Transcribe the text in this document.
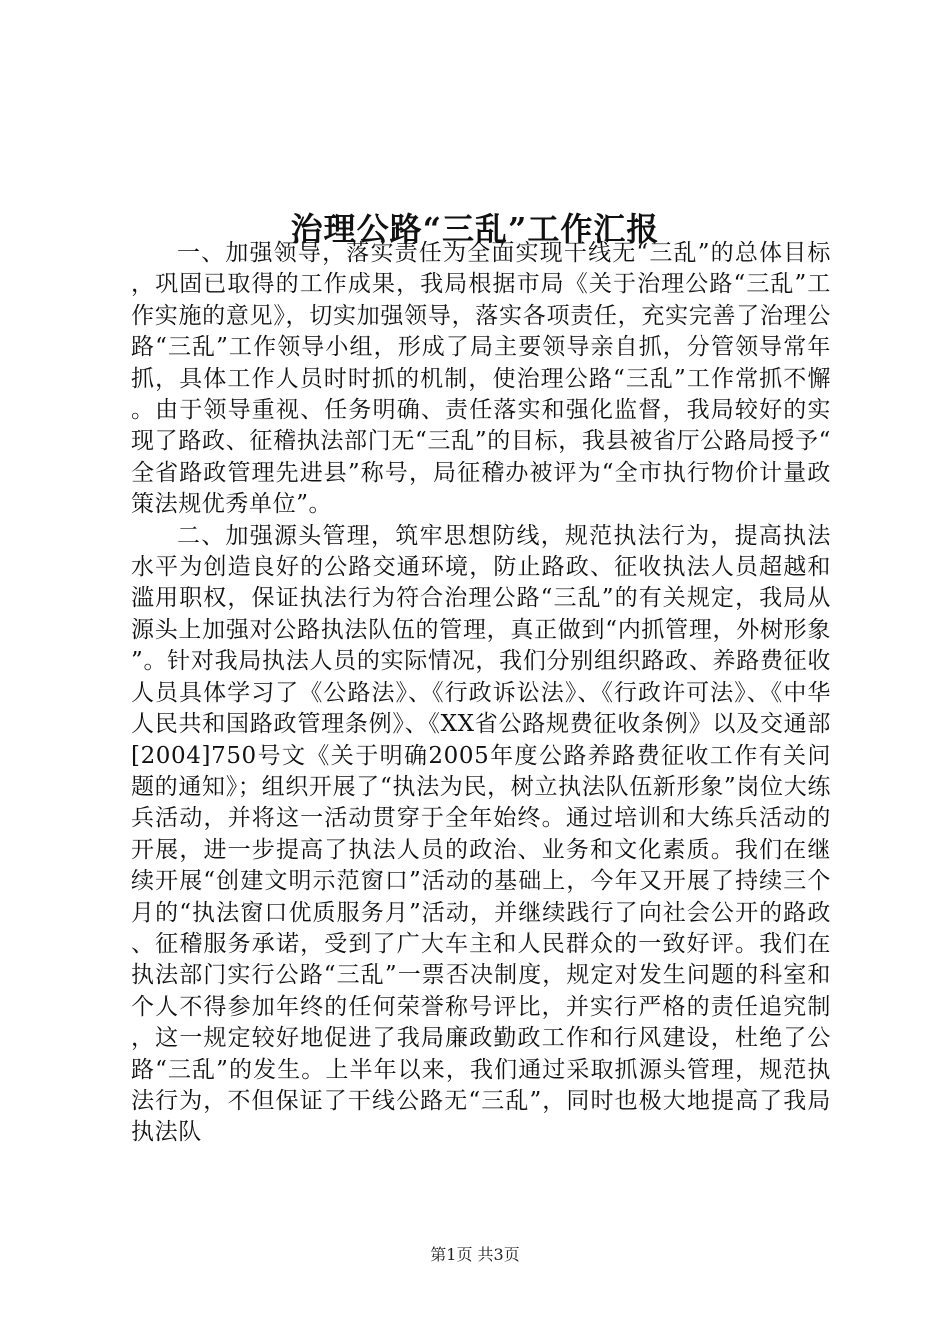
治理公路“三乱”工作汇报

一、加强领导，落实责任为全面实现干线无“三乱”的总体目标，巩固已取得的工作成果，我局根据市局《关于治理公路“三乱”工作实施的意见》，切实加强领导，落实各项责任，充实完善了治理公路“三乱”工作领导小组，形成了局主要领导亲自抓，分管领导常年抓，具体工作人员时时抓的机制，使治理公路“三乱”工作常抓不懈。由于领导重视、任务明确、责任落实和强化监督，我局较好的实现了路政、征稽执法部门无“三乱”的目标，我县被省厅公路局授予“全省路政管理先进县”称号，局征稽办被评为“全市执行物价计量政策法规优秀单位”。

二、加强源头管理，筑牢思想防线，规范执法行为，提高执法水平为创造良好的公路交通环境，防止路政、征收执法人员超越和滥用职权，保证执法行为符合治理公路“三乱”的有关规定，我局从源头上加强对公路执法队伍的管理，真正做到“内抓管理，外树形象”。针对我局执法人员的实际情况，我们分别组织路政、养路费征收人员具体学习了《公路法》、《行政诉讼法》、《行政许可法》、《中华人民共和国路政管理条例》、《XX省公路规费征收条例》以及交通部[2004]750号文《关于明确2005年度公路养路费征收工作有关问题的通知》；组织开展了“执法为民，树立执法队伍新形象”岗位大练兵活动，并将这一活动贯穿于全年始终。通过培训和大练兵活动的开展，进一步提高了执法人员的政治、业务和文化素质。我们在继续开展“创建文明示范窗口”活动的基础上，今年又开展了持续三个月的“执法窗口优质服务月”活动，并继续践行了向社会公开的路政、征稽服务承诺，受到了广大车主和人民群众的一致好评。我们在执法部门实行公路“三乱”一票否决制度，规定对发生问题的科室和个人不得参加年终的任何荣誉称号评比，并实行严格的责任追究制，这一规定较好地促进了我局廉政勤政工作和行风建设，杜绝了公路“三乱”的发生。上半年以来，我们通过采取抓源头管理，规范执法行为，不但保证了干线公路无“三乱”，同时也极大地提高了我局执法队

第1页 共3页
